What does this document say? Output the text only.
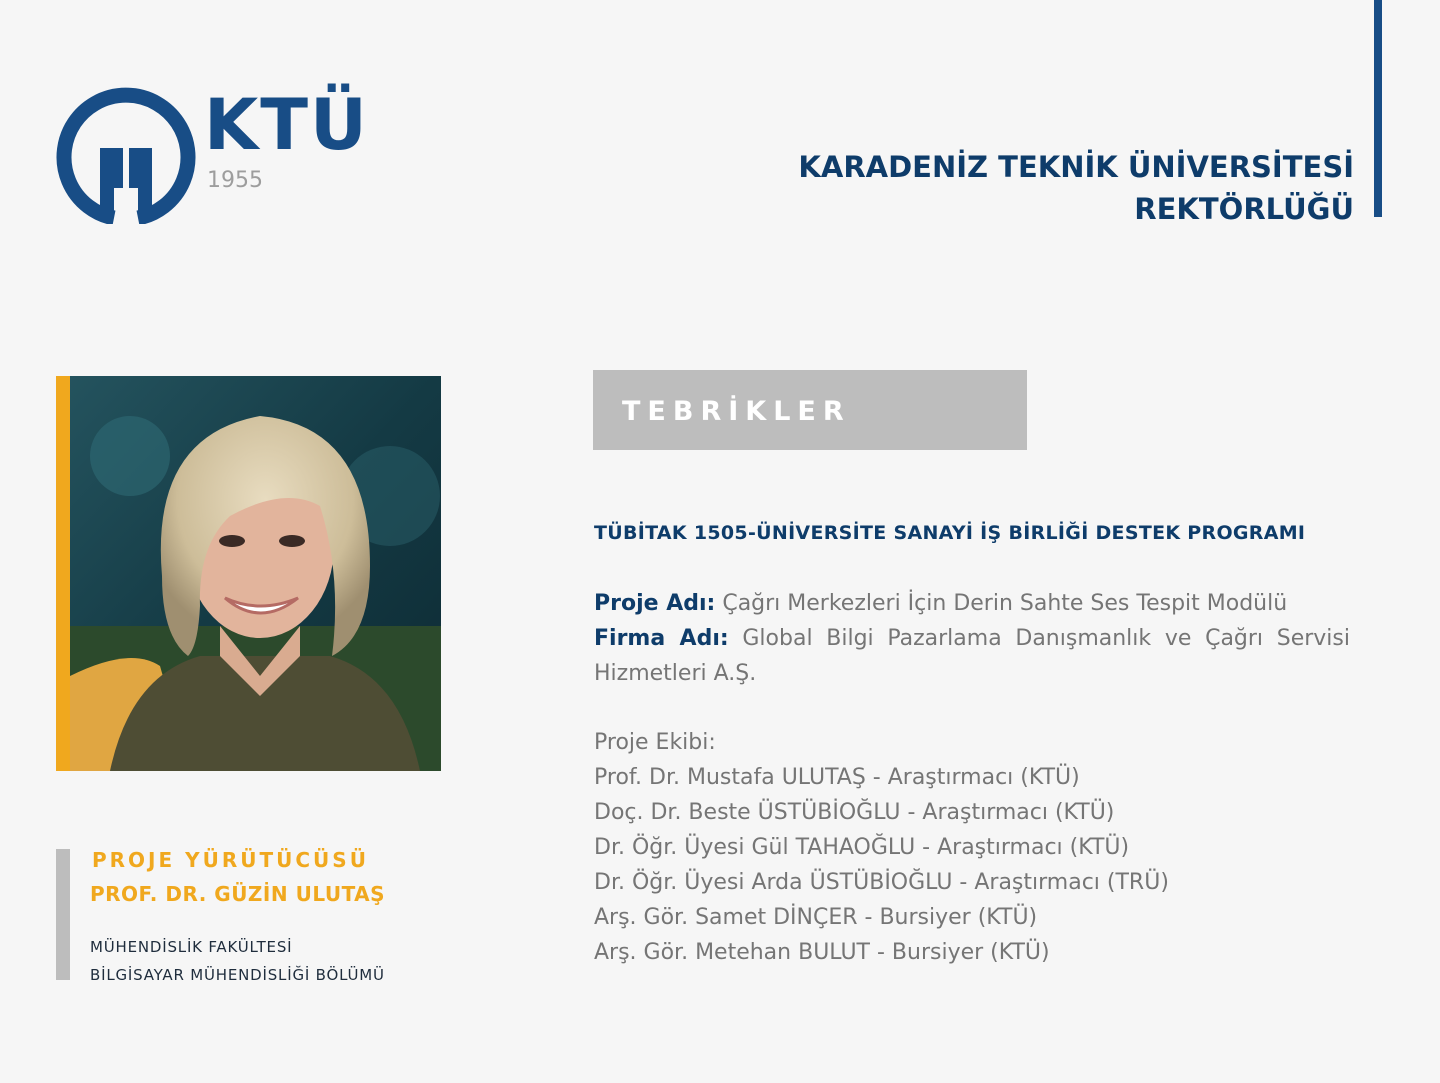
KTÜ
1955	KARADENİZ TEKNİK ÜNİVERSİTESİ
REKTÖRLÜĞÜ
PROJE YÜRÜTÜCÜSÜ
PROF. DR. GÜZİN ULUTAŞ
MÜHENDİSLİK FAKÜLTESİ
BİLGİSAYAR MÜHENDİSLİĞİ BÖLÜMÜ
TEBRİKLER
TÜBİTAK 1505-ÜNİVERSİTE SANAYİ İŞ BİRLİĞİ DESTEK PROGRAMI
Proje Adı: Çağrı Merkezleri İçin Derin Sahte Ses Tespit Modülü
Firma Adı: Global Bilgi Pazarlama Danışmanlık ve Çağrı Servisi Hizmetleri A.Ş.
Proje Ekibi:
Prof. Dr. Mustafa ULUTAŞ - Araştırmacı (KTÜ)
Doç. Dr. Beste ÜSTÜBİOĞLU - Araştırmacı (KTÜ)
Dr. Öğr. Üyesi Gül TAHAOĞLU - Araştırmacı (KTÜ)
Dr. Öğr. Üyesi Arda ÜSTÜBİOĞLU - Araştırmacı (TRÜ)
Arş. Gör. Samet DİNÇER - Bursiyer (KTÜ)
Arş. Gör. Metehan BULUT - Bursiyer (KTÜ)
